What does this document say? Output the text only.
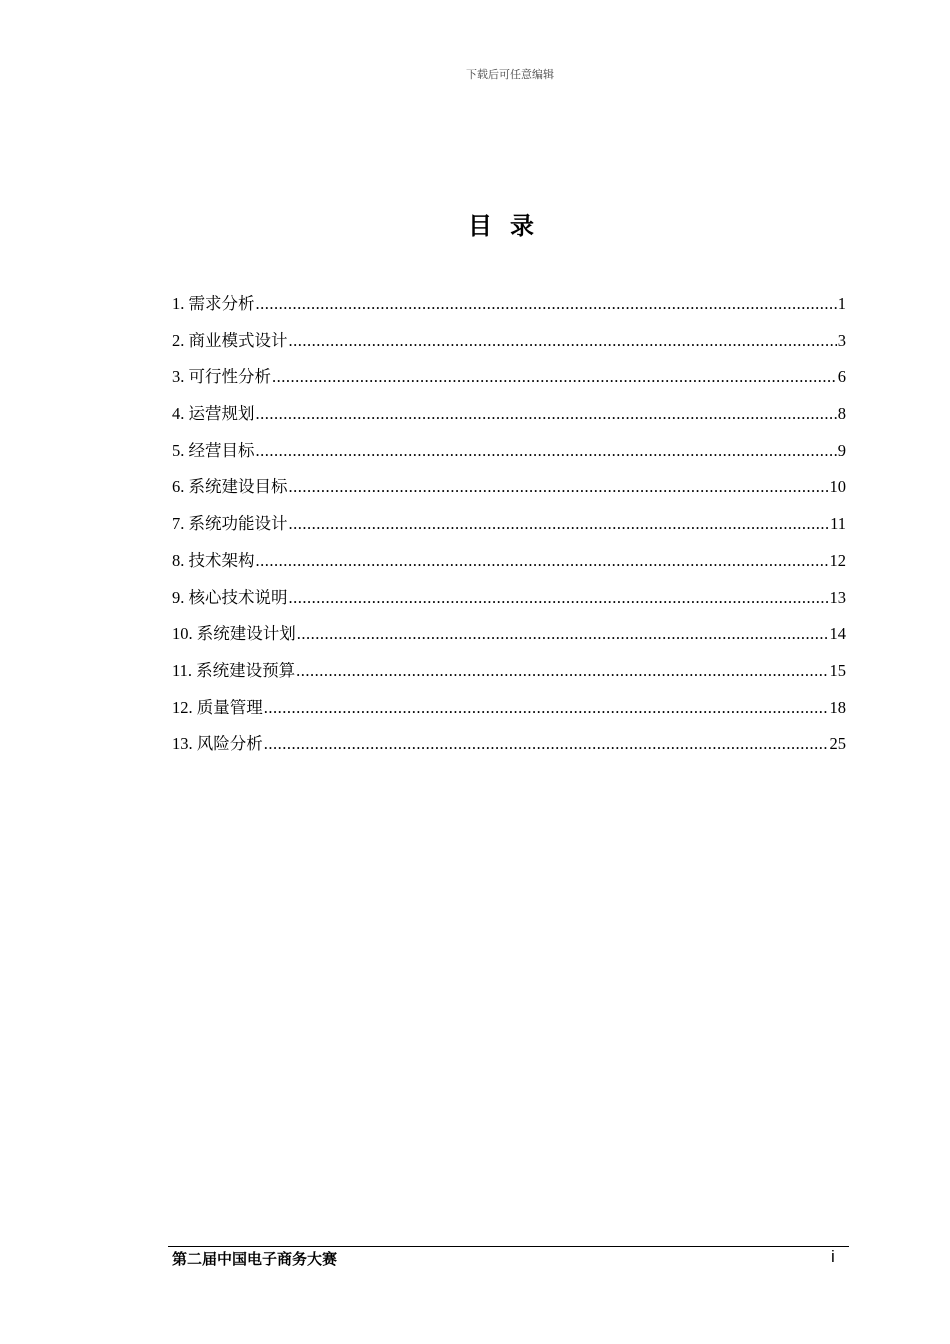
下载后可任意编辑
目录
1. 需求分析 .....	1
2. 商业模式设计 .....	3
3. 可行性分析 .....	6
4. 运营规划 .....	8
5. 经营目标 .....	9
6. 系统建设目标 .....	10
7. 系统功能设计 .....	11
8. 技术架构 .....	12
9. 核心技术说明 .....	13
10. 系统建设计划 .....	14
11. 系统建设预算 .....	15
12. 质量管理 .....	18
13. 风险分析 .....	25
第二届中国电子商务大赛	i
